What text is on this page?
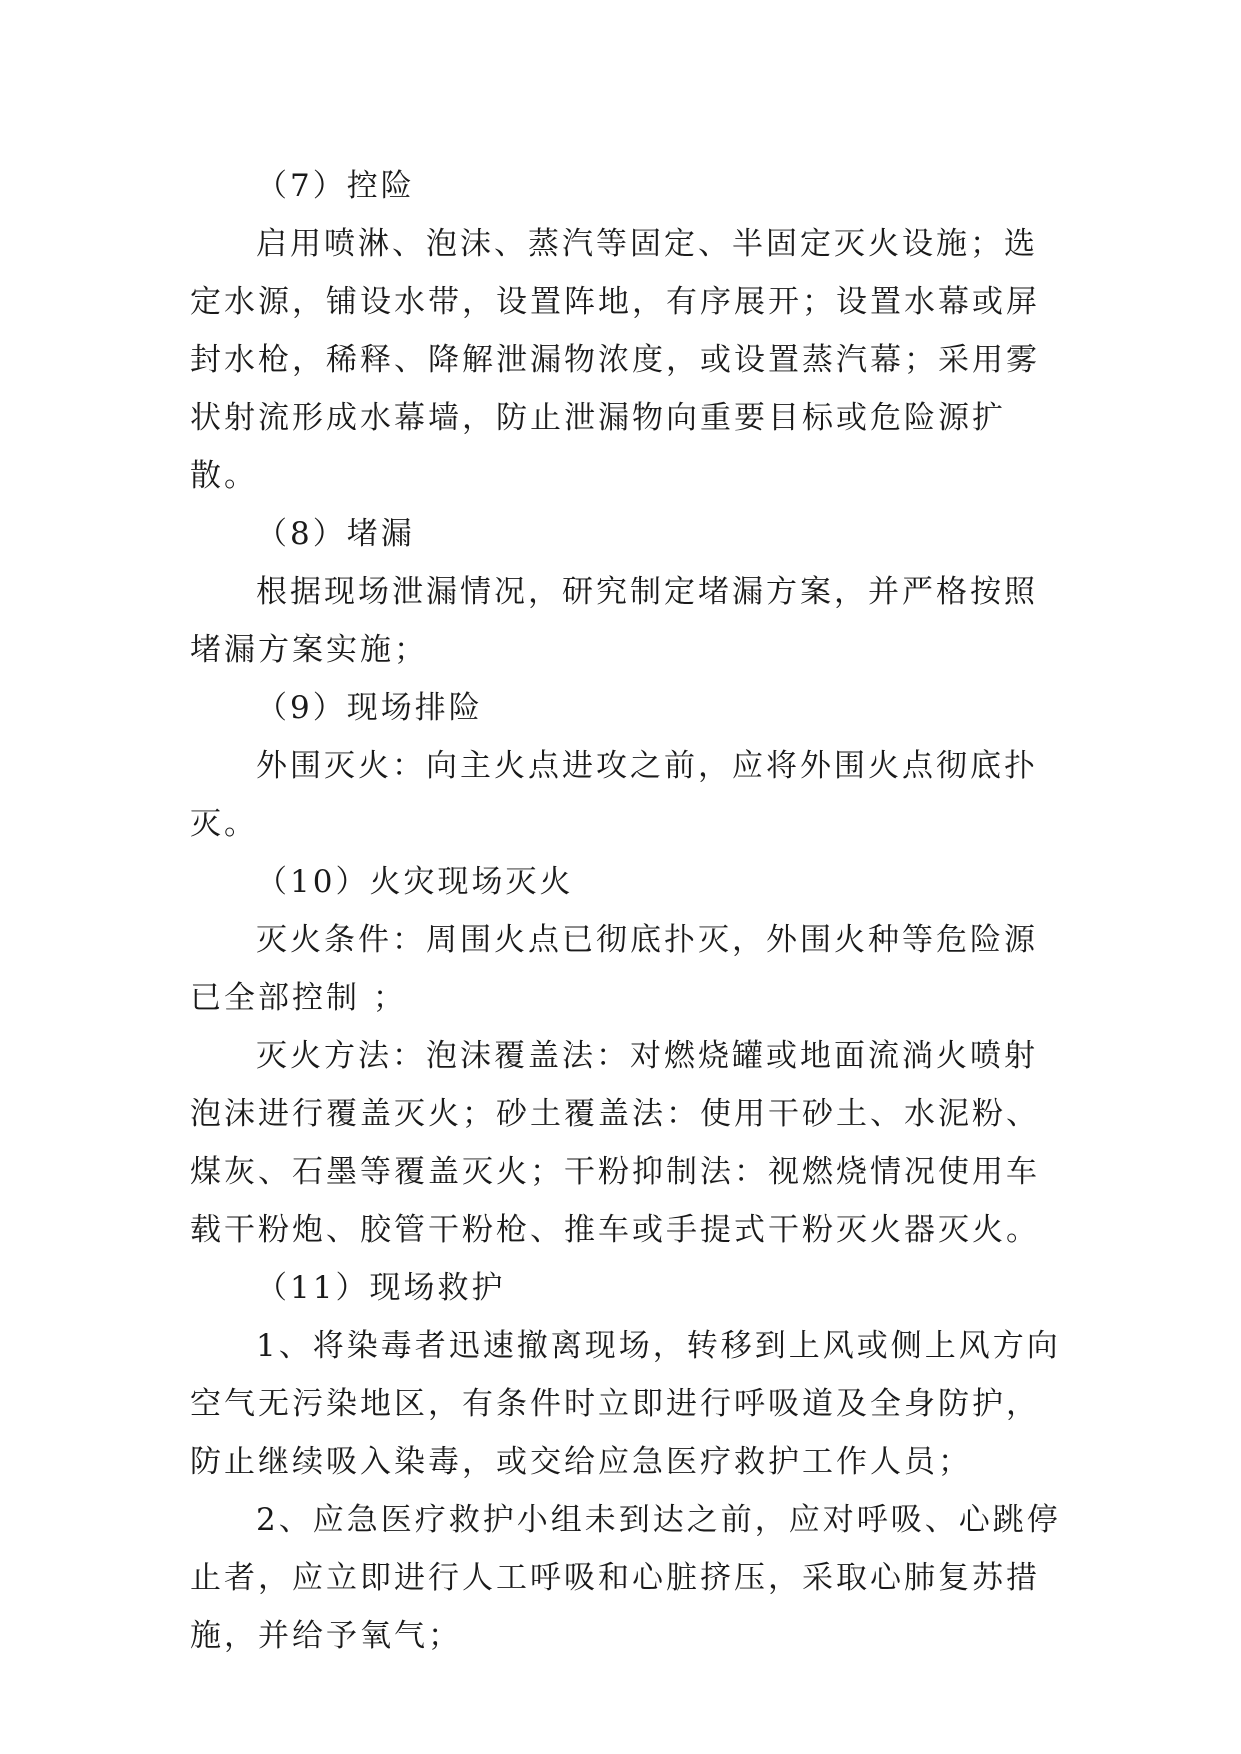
（7）控险

启用喷淋、泡沫、蒸汽等固定、半固定灭火设施；选定水源，铺设水带，设置阵地，有序展开；设置水幕或屏封水枪，稀释、降解泄漏物浓度，或设置蒸汽幕；采用雾状射流形成水幕墙，防止泄漏物向重要目标或危险源扩散。

（8）堵漏

根据现场泄漏情况，研究制定堵漏方案，并严格按照堵漏方案实施；

（9）现场排险

外围灭火：向主火点进攻之前，应将外围火点彻底扑灭。

（10）火灾现场灭火

灭火条件：周围火点已彻底扑灭，外围火种等危险源已全部控制 ；

灭火方法：泡沫覆盖法：对燃烧罐或地面流淌火喷射泡沫进行覆盖灭火；砂土覆盖法：使用干砂土、水泥粉、煤灰、石墨等覆盖灭火；干粉抑制法：视燃烧情况使用车载干粉炮、胶管干粉枪、推车或手提式干粉灭火器灭火。

（11）现场救护

1、将染毒者迅速撤离现场，转移到上风或侧上风方向空气无污染地区，有条件时立即进行呼吸道及全身防护，防止继续吸入染毒，或交给应急医疗救护工作人员；

2、应急医疗救护小组未到达之前，应对呼吸、心跳停止者，应立即进行人工呼吸和心脏挤压，采取心肺复苏措施，并给予氧气；
